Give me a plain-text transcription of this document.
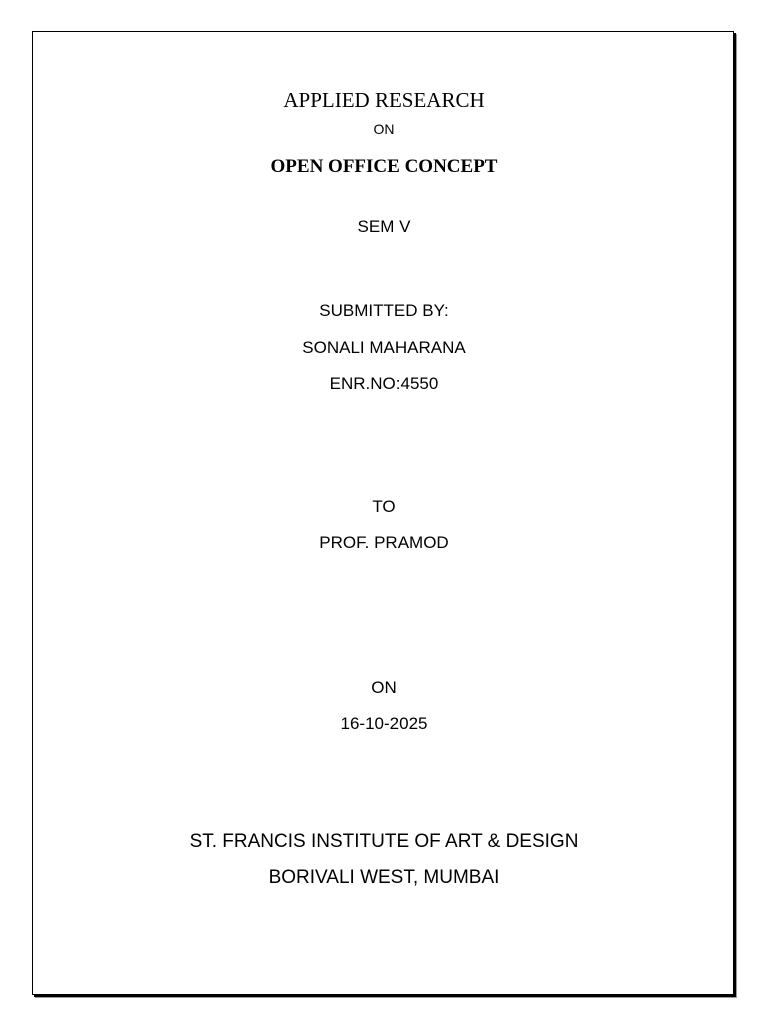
APPLIED RESEARCH
ON
OPEN OFFICE CONCEPT
SEM V
SUBMITTED BY:
SONALI MAHARANA
ENR.NO:4550
TO
PROF. PRAMOD
ON
16-10-2025
ST. FRANCIS INSTITUTE OF ART & DESIGN
BORIVALI WEST, MUMBAI
